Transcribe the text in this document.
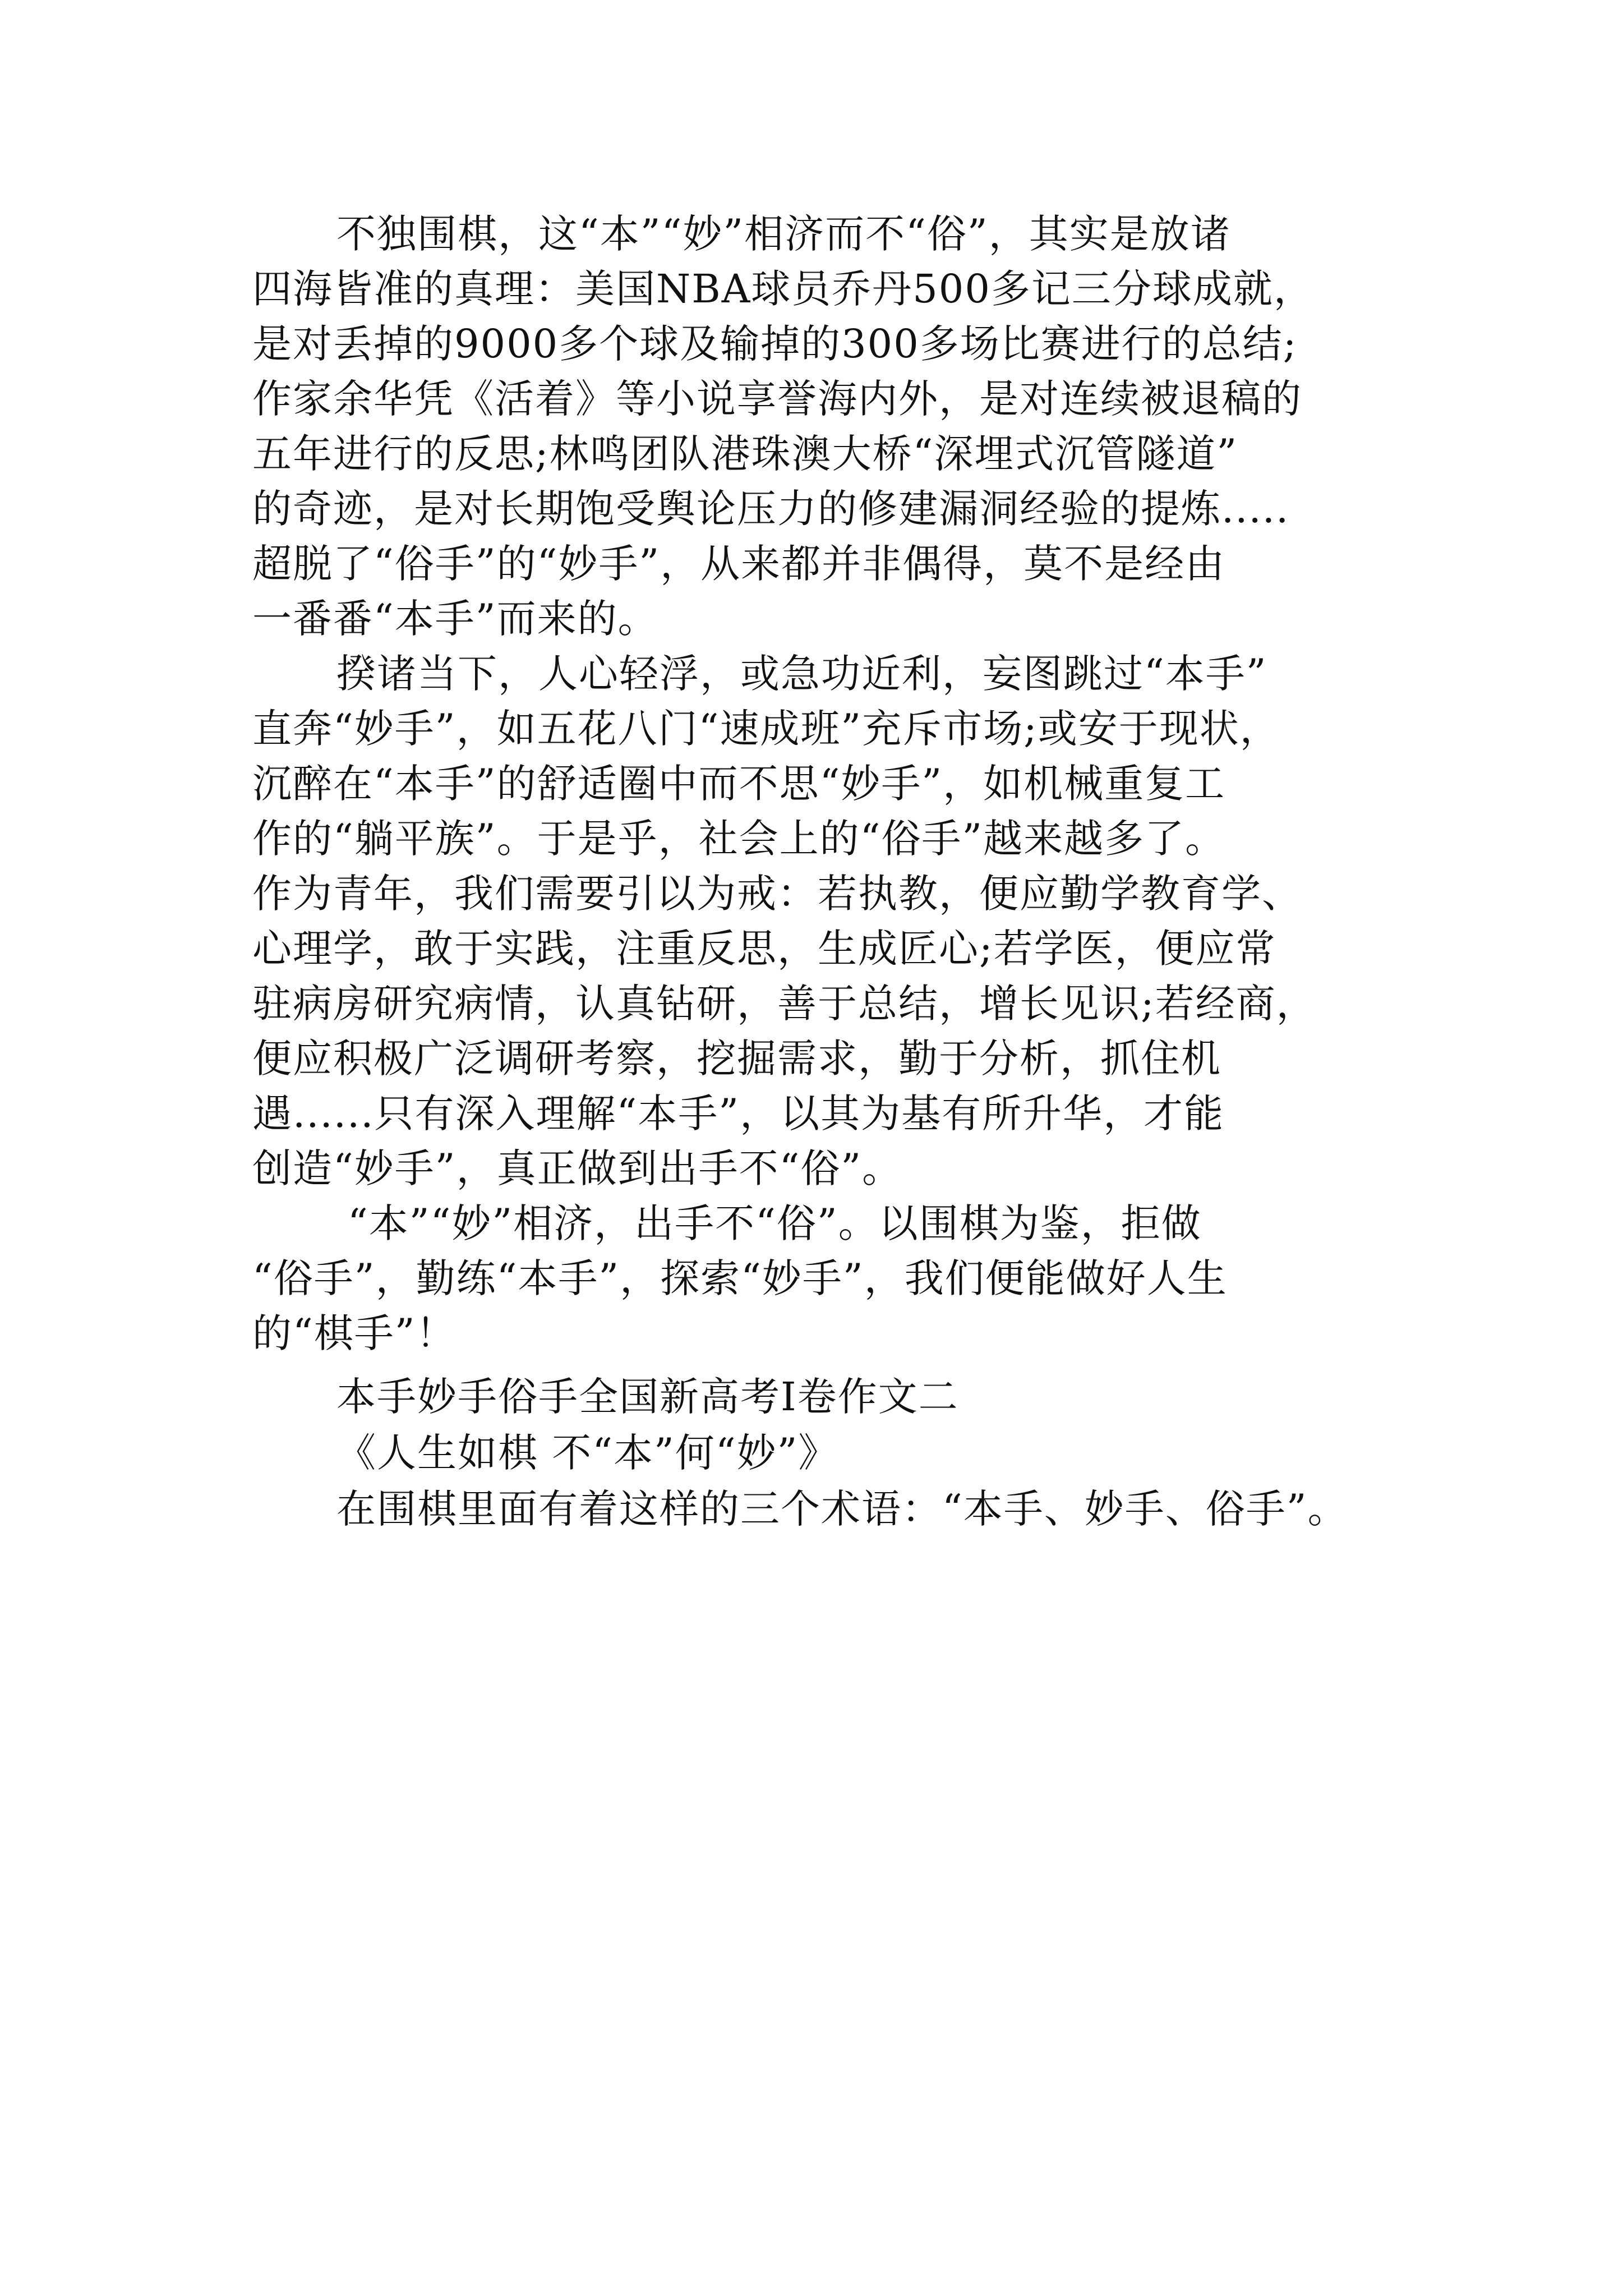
不独围棋，这“本”“妙”相济而不“俗”，其实是放诸
四海皆准的真理：美国NBA球员乔丹500多记三分球成就，
是对丢掉的9000多个球及输掉的300多场比赛进行的总结;
作家余华凭《活着》等小说享誉海内外，是对连续被退稿的
五年进行的反思;林鸣团队港珠澳大桥“深埋式沉管隧道”
的奇迹，是对长期饱受舆论压力的修建漏洞经验的提炼.....
超脱了“俗手”的“妙手”，从来都并非偶得，莫不是经由
一番番“本手”而来的。
揆诸当下，人心轻浮，或急功近利，妄图跳过“本手”
直奔“妙手”，如五花八门“速成班”充斥市场;或安于现状，
沉醉在“本手”的舒适圈中而不思“妙手”，如机械重复工
作的“躺平族”。于是乎，社会上的“俗手”越来越多了。
作为青年，我们需要引以为戒：若执教，便应勤学教育学、
心理学，敢于实践，注重反思，生成匠心;若学医，便应常
驻病房研究病情，认真钻研，善于总结，增长见识;若经商，
便应积极广泛调研考察，挖掘需求，勤于分析，抓住机
遇......只有深入理解“本手”，以其为基有所升华，才能
创造“妙手”，真正做到出手不“俗”。
“本”“妙”相济，出手不“俗”。以围棋为鉴，拒做
“俗手”，勤练“本手”，探索“妙手”，我们便能做好人生
的“棋手”！
本手妙手俗手全国新高考Ⅰ卷作文二
《人生如棋 不“本”何“妙”》
在围棋里面有着这样的三个术语：“本手、妙手、俗手”。
